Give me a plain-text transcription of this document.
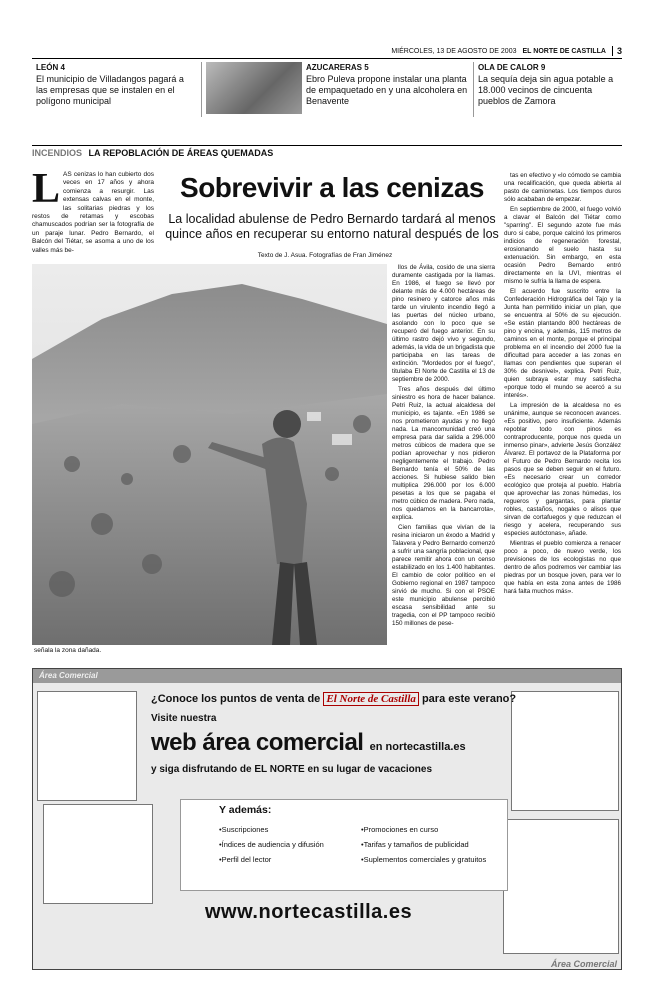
MIÉRCOLES, 13 DE AGOSTO DE 2003 EL NORTE DE CASTILLA	3
LEÓN 4
El municipio de Villadangos pagará a las empresas que se instalen en el polígono municipal
AZUCARERAS 5
Ebro Puleva propone instalar una planta de empaquetado en y una alcoholera en Benavente
OLA DE CALOR 9
La sequía deja sin agua potable a 18.000 vecinos de cincuenta pueblos de Zamora
INCENDIOS LA REPOBLACIÓN DE ÁREAS QUEMADAS
LAS cenizas lo han cubierto dos veces en 17 años y ahora comienza a resurgir. Las extensas calvas en el monte, las solitarias piedras y los restos de retamas y escobas chamuscados podrían ser la fotografía de un paraje lunar. Pedro Bernardo, el Balcón del Tiétar, se asoma a uno de los valles más be-
Sobrevivir a las cenizas
La localidad abulense de Pedro Bernardo tardará al menos quince años en recuperar su entorno natural después de los
Texto de J. Asua. Fotografías de Fran Jiménez
señala la zona dañada.

llos de Ávila, cosido de una sierra duramente castigada por la llamas. En 1986, el fuego se llevó por delante más de 4.000 hectáreas de pino resinero y catorce años más tarde un virulento incendio llegó a las puertas del núcleo urbano, asolando con lo poco que se recuperó del fuego anterior. En su último rastro dejó vivo y segundo, además, la vida de un brigadista que participaba en las tareas de extinción. "Mordedos por el fuego", titulaba El Norte de Castilla el 13 de septiembre de 2000.

Tres años después del último siniestro es hora de hacer balance. Petri Ruiz, la actual alcaldesa del municipio, es tajante. «En 1986 se nos prometieron ayudas y no llegó nada. La mancomunidad creó una empresa para dar salida a 296.000 metros cúbicos de madera que se podían aprovechar y nos pidieron negligentemente el trabajo. Pedro Bernardo tenía el 50% de las acciones. Si hubiese salido bien multiplica 296.000 por los 6.000 pesetas a los que se pagaba el metro cúbico de madera. Pero nada, nos quedamos en la bancarrota», explica.

Cien familias que vivían de la resina iniciaron un éxodo a Madrid y Talavera y Pedro Bernardo comenzó a sufrir una sangría poblacional, que parece remitir ahora con un censo estabilizado en los 1.400 habitantes. El cambio de color político en el Gobierno regional en 1987 tampoco sirvió de mucho. Si con el PSOE este municipio abulense percibió escasa sensibilidad ante su tragedia, con el PP tampoco recibió 150 millones de pese-

tas en efectivo y «lo cómodo se cambia una recalificación, que queda abierta al pasto de camionetas. Los tiempos duros sólo acababan de empezar.

En septiembre de 2000, el fuego volvió a clavar el Balcón del Tiétar como "sparring". El segundo azote fue más duro si cabe, porque calcinó los primeros indicios de regeneración forestal, erosionando el suelo hasta su extenuación. Sin embargo, en esta ocasión Pedro Bernardo entró directamente en la UVI, mientras el mismo le sufría la llama de espera.

El acuerdo fue suscrito entre la Confederación Hidrográfica del Tajo y la Junta han permitido iniciar un plan, que se encuentra al 50% de su ejecución. «Se están plantando 800 hectáreas de pino y encina, y además, 115 metros de caminos en el monte, porque el principal problema en el incendio del 2000 fue la dificultad para acceder a las zonas en llamas con pendientes que superan el 30% de desnivel», explica. Petri Ruiz, quien subraya estar muy satisfecha «porque todo el mundo se acercó a su interés».

La impresión de la alcaldesa no es unánime, aunque se reconocen avances. «Es positivo, pero insuficiente. Además repoblar todo con pinos es contraproducente, porque nos queda un inmenso pinar», advierte Jesús González Álvarez. El portavoz de la Plataforma por el Futuro de Pedro Bernardo recita los pasos que se deben seguir en el futuro. «Es necesario crear un corredor ecológico que proteja al pueblo. Habría que aprovechar las zonas húmedas, los regueros y gargantas, para plantar robles, castaños, nogales o alisos que sirvan de cortafuegos y que reduzcan el riesgo y acelera, recuperando sus especies autóctonas», añade.

Mientras el pueblo comienza a renacer poco a poco, de nuevo verde, los previsiones de los ecologistas no que dentro de años podremos ver cambiar las piedras por un bosque joven, para ver lo que había en esta zona antes de 1986 hará falta muchos más».

Área Comercial
¿Conoce los puntos de venta de El Norte de Castilla para este verano?
Visite nuestra
web área comercial en nortecastilla.es
y siga disfrutando de EL NORTE en su lugar de vacaciones
Y además:
• Suscripciones
• Índices de audiencia y difusión
• Perfil del lector
• Promociones en curso
• Tarifas y tamaños de publicidad
• Suplementos comerciales y gratuitos
www.nortecastilla.es
Área Comercial
